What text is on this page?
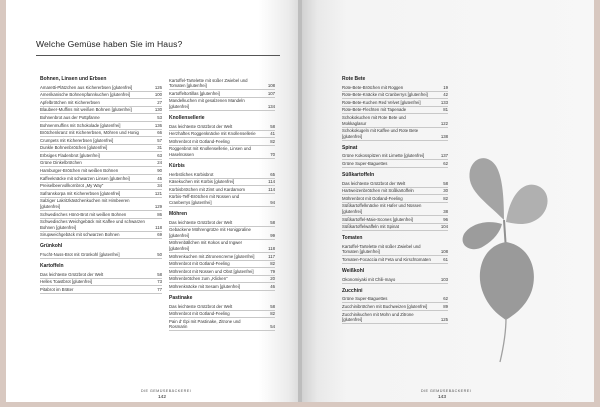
Welche Gemüse haben Sie im Haus?
Bohnen, Linsen und Erbsen
Amaretti-Plätzchen aus Kichererbsen [glutenfrei]	126
Amerikanische Bohnenpfannkuchen [glutenfrei]	100
Apfelbrötchen mit Kichererbsen	27
Blaubeer-Muffins mit weißen Bohnen [glutenfrei]	130
Bohnenbrot aus der Pottpfanne	53
Bohnenmuffins mit Schokolade [glutenfrei]	136
Brötchenkranz mit Kichererbsen, Möhren und Honig	66
Crumpets mit Kichererbsen [glutenfrei]	57
Dunkle Bohnenbrötchen [glutenfrei]	31
Erbsiges Fladenbrot [glutenfrei]	63
Grüne Dinkelbrötchen	24
Hamburger-Brötchen mit weißen Bohnen	90
Kaffeeknäcke mit schwarzen Linsen [glutenfrei]	45
Preiselbeervollkornbrot „My Way“	34
Safranskorpa mit Kichererbsen [glutenfrei]	121
Salziger Lakritzkästchenkuchen mit Himbeeren [glutenfrei]	129
Schwedisches Hönö-Brot mit weißen Bohnen	86
Schwedisches Weichgebäck mit Kaffee und schwarzen Bohnen [glutenfrei]	118
Sirupweichgebäck mit schwarzen Bohnen	69
Grünkohl
Frucht-Nuss-Brot mit Grünkohl [glutenfrei]	50
Kartoffeln
Das leichteste Grützbrot der Welt	58
Helles Toastbrot [glutenfrei]	73
Pitabrot im Bräter	77
Kartoffel-Tartelette mit süßer Zwiebel und Tomaten [glutenfrei]	108
Kartoffeltortillas [glutenfrei]	107
Mandelkuchen mit gesalzenen Mandeln [glutenfrei]	134
Knollensellerie
Das leichteste Grützbrot der Welt	58
Herzhaftes Roggenknäcke mit Knollensellerie	41
Möhrenbrot mit Gotland-Feeling	82
Roggenbrot mit Knollensellerie, Linsen und Haselnüssen	70
Kürbis
Herbstliches Kürbisbrot	65
Käsekuchen mit Kürbis [glutenfrei]	114
Kürbisbrötchen mit Zimt und Kardamom	114
Kürbis-Teff-Brötchen mit Nüssen und Cranberrys [glutenfrei]	94
Möhren
Das leichteste Grützbrot der Welt	58
Gebackene Möhrengrütze mit Honigpraline [glutenfrei]	99
Möhrenbällchen mit Kokos und Ingwer [glutenfrei]	118
Möhrenkuchen mit Zitronencreme [glutenfrei]	117
Möhrenbrot mit Gotland-Feeling	82
Möhrenbrot mit Nüssen und Obst [glutenfrei]	79
Möhrenbrötchen zum „Klicken“	20
Möhrenknäcke mit Sesam [glutenfrei]	46
Pastinake
Das leichteste Grützbrot der Welt	58
Möhrenbrot mit Gotland-Feeling	82
Pain d' Épi mit Pastinake, Zitrone und Rosmarin	54
DIE GEMÜSEBÄCKEREI
142
Rote Bete
Rote-Bete-Brötchen mit Roggen	19
Rote-Bete-Knäcke mit Cranberrys [glutenfrei]	42
Rote-Bete-Kuchen Red Velvet [glutenfrei]	133
Rote-Bete-Flechten mit Tapenade	81
Schokokuchen mit Rote Bete und Mokkaglasur	122
Schokokugeln mit Kaffee und Rote Bete [glutenfrei]	138
Spinat
Grüne Kokosspitzen mit Limette [glutenfrei]	137
Grüne Super-Baguettes	62
Süßkartoffeln
Das leichteste Grützbrot der Welt	58
Hartweizenbrötchen mit Süßkartoffeln	30
Möhrenbrot mit Gotland-Feeling	82
Süßkartoffelknäcke mit Hafer und Nüssen [glutenfrei]	38
Süßkartoffel-Maie-Scones [glutenfrei]	96
Süßkartoffelwaffeln mit Spinat	104
Tomaten
Kartoffel-Tartelette mit süßer Zwiebel und Tomaten [glutenfrei]	108
Tomaten-Focaccia mit Feta und Kirschtomaten	61
Weißkohl
Okonomiyaki mit Chili-mayo	103
Zucchini
Grüne Super-Baguettes	62
Zucchinibrötchen mit Buchweizen [glutenfrei]	89
Zucchinikuchen mit Mohn und Zitrone [glutenfrei]	125
DIE GEMÜSEBÄCKEREI
143
